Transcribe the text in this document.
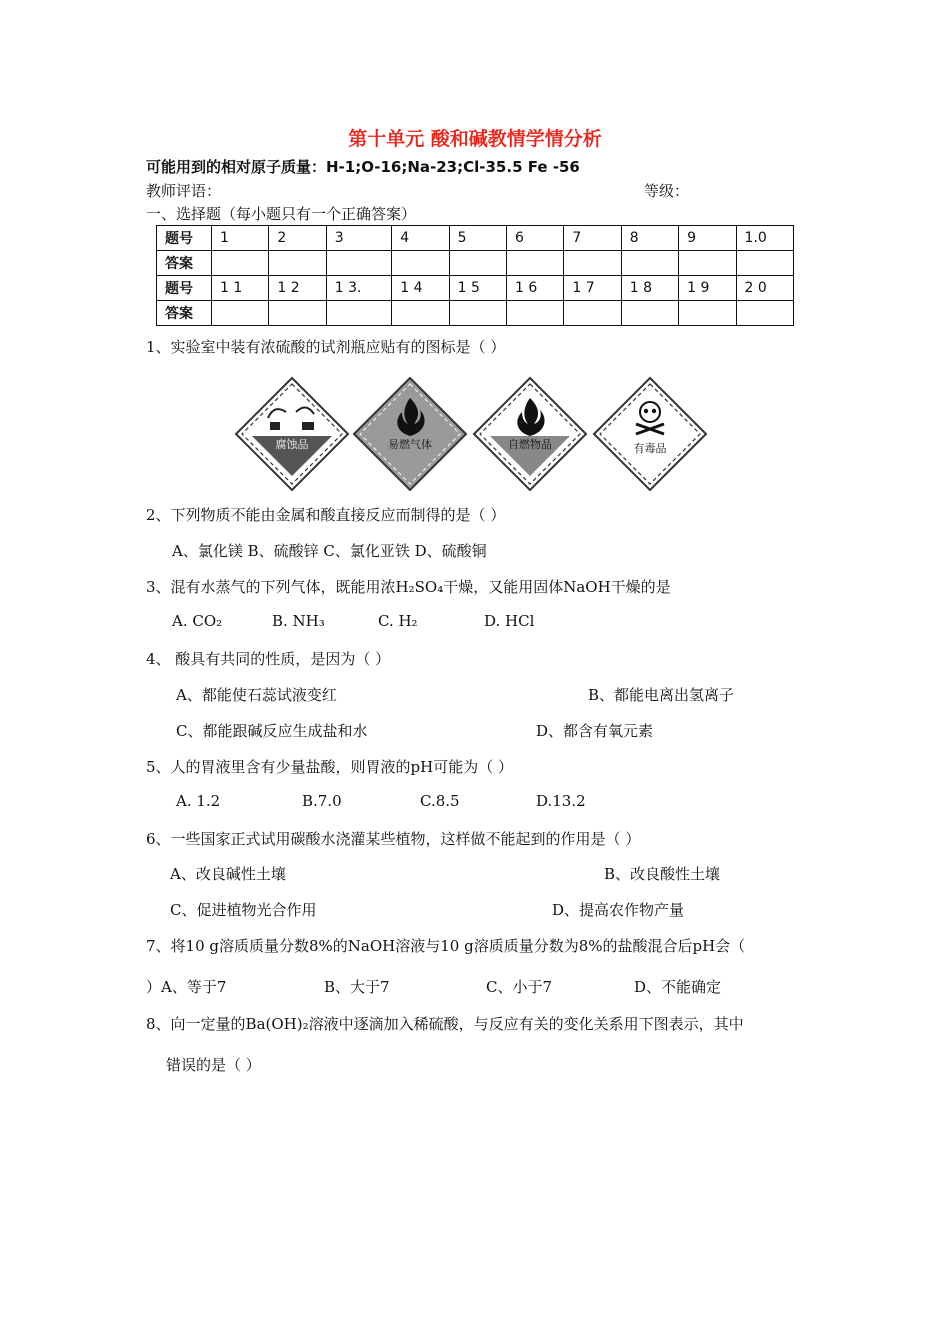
第十单元 酸和碱教情学情分析
可能用到的相对原子质量：H-1;O-16;Na-23;Cl-35.5 Fe -56
教师评语：	等级：
一、选择题（每小题只有一个正确答案）
题号	1	2	3	4	5	6	7	8	9	1.0
答案										
题号	1 1	1 2	1 3.	1 4	1 5	1 6	1 7	1 8	1 9	2 0
答案										
1、实验室中装有浓硫酸的试剂瓶应贴有的图标是（ ）
腐蚀品	易燃气体	自燃物品	有毒品
2、下列物质不能由金属和酸直接反应而制得的是（ ）
A、氯化镁 B、硫酸锌 C、氯化亚铁 D、硫酸铜
3、混有水蒸气的下列气体，既能用浓H₂SO₄干燥，又能用固体NaOH干燥的是
A. CO₂	B. NH₃	C. H₂	D. HCl
4、 酸具有共同的性质，是因为（ ）
A、都能使石蕊试液变红	B、都能电离出氢离子
C、都能跟碱反应生成盐和水	D、都含有氧元素
5、人的胃液里含有少量盐酸，则胃液的pH可能为（ ）
A. 1.2	B.7.0	C.8.5	D.13.2
6、一些国家正式试用碳酸水浇灌某些植物，这样做不能起到的作用是（ ）
A、改良碱性土壤	B、改良酸性土壤
C、促进植物光合作用	D、提高农作物产量
7、将10 g溶质质量分数8%的NaOH溶液与10 g溶质质量分数为8%的盐酸混合后pH会（
）A、等于7	B、大于7	C、小于7	D、不能确定
8、向一定量的Ba(OH)₂溶液中逐滴加入稀硫酸，与反应有关的变化关系用下图表示，其中
错误的是（ ）
